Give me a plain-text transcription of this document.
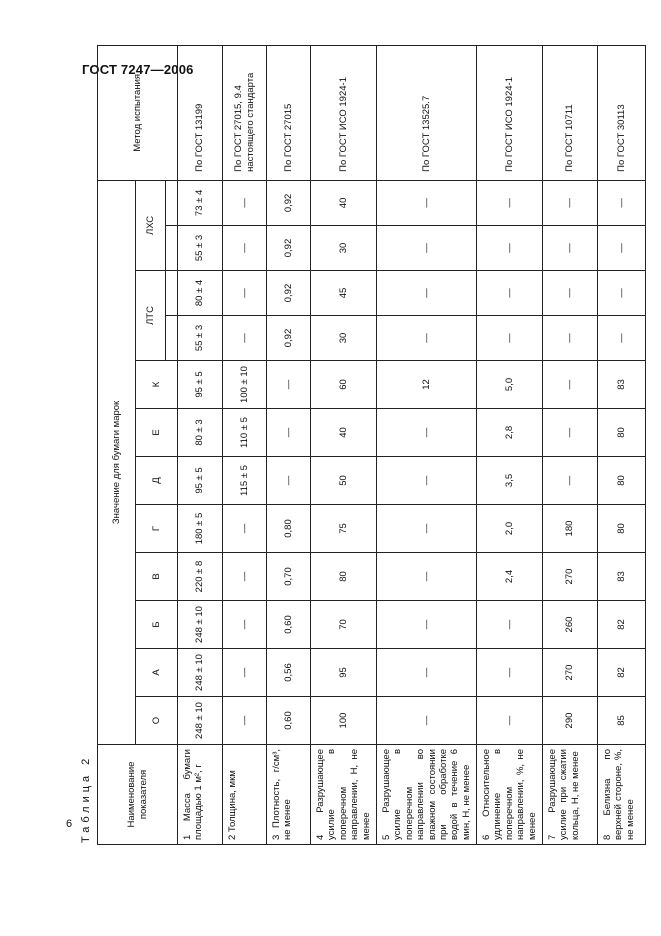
ГОСТ 7247—2006
Таблица 2	Наименование показателя	Значение для бумаги марок												Метод испытания
	О	А	Б	В	Г	Д	Е	К	ЛТС		ЛХС		

1 Масса бумаги площадью 1 м², г	248 ± 10	248 ± 10	248 ± 10	220 ± 8	180 ± 5	95 ± 5	80 ± 3	95 ± 5	55 ± 3	80 ± 4	55 ± 3	73 ± 4	По ГОСТ 13199
2 Толщина, мкм	—	—	—	—	—	115 ± 5	110 ± 5	100 ± 10	—	—	—	—	По ГОСТ 27015, 9.4 настоящего стандарта
3 Плотность, г/см³, не менее	0,60	0,56	0,60	0,70	0,80	—	—	—	0,92	0,92	0,92	0,92	По ГОСТ 27015
4 Разрушающее усилие в поперечном направлении, Н, не менее	100	95	70	80	75	50	40	60	30	45	30	40	По ГОСТ ИСО 1924-1
5 Разрушающее усилие в поперечном направлении во влажном состоянии при обработке водой в течение 6 мин, Н, не менее	—	—	—	—	—	—	—	12	—	—	—	—	По ГОСТ 13525.7
6 Относительное удлинение в поперечном направлении, %, не менее	—	—	—	2,4	2,0	3,5	2,8	5,0	—	—	—	—	По ГОСТ ИСО 1924-1
7 Разрушающее усилие при сжатии кольца, Н, не менее	290	270	260	270	180	—	—	—	—	—	—	—	По ГОСТ 10711
8 Белизна по верхней стороне, %, не менее	85	82	82	83	80	80	80	83	—	—	—	—	По ГОСТ 30113
6
